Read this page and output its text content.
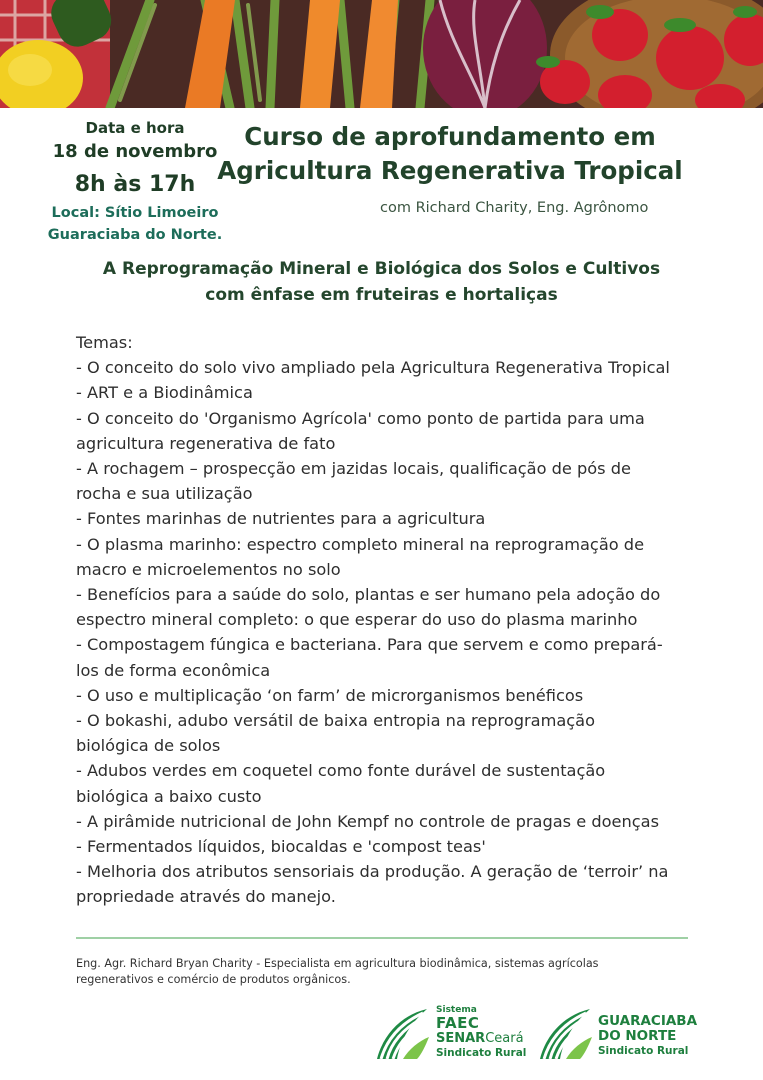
Data e hora
18 de novembro
8h às 17h
Local: Sítio Limoeiro
Guaraciaba do Norte.
Curso de aprofundamento em
Agricultura Regenerativa Tropical
com Richard Charity, Eng. Agrônomo
A Reprogramação Mineral e Biológica dos Solos e Cultivos
com ênfase em fruteiras e hortaliças
Temas:
- O conceito do solo vivo ampliado pela Agricultura Regenerativa Tropical
- ART e a Biodinâmica
- O conceito do 'Organismo Agrícola' como ponto de partida para uma
agricultura regenerativa de fato
- A rochagem – prospecção em jazidas locais, qualificação de pós de
rocha e sua utilização
- Fontes marinhas de nutrientes para a agricultura
- O plasma marinho: espectro completo mineral na reprogramação de
macro e microelementos no solo
- Benefícios para a saúde do solo, plantas e ser humano pela adoção do
espectro mineral completo: o que esperar do uso do plasma marinho
- Compostagem fúngica e bacteriana. Para que servem e como prepará-
los de forma econômica
- O uso e multiplicação ‘on farm’ de microrganismos benéficos
- O bokashi, adubo versátil de baixa entropia na reprogramação
biológica de solos
- Adubos verdes em coquetel como fonte durável de sustentação
biológica a baixo custo
- A pirâmide nutricional de John Kempf no controle de pragas e doenças
- Fermentados líquidos, biocaldas e 'compost teas'
- Melhoria dos atributos sensoriais da produção. A geração de ‘terroir’ na
propriedade através do manejo.
Eng. Agr. Richard Bryan Charity - Especialista em agricultura biodinâmica, sistemas agrícolas
regenerativos e comércio de produtos orgânicos.
Sistema
FAEC
SENARCeará
Sindicato Rural
GUARACIABA
DO NORTE
Sindicato Rural
